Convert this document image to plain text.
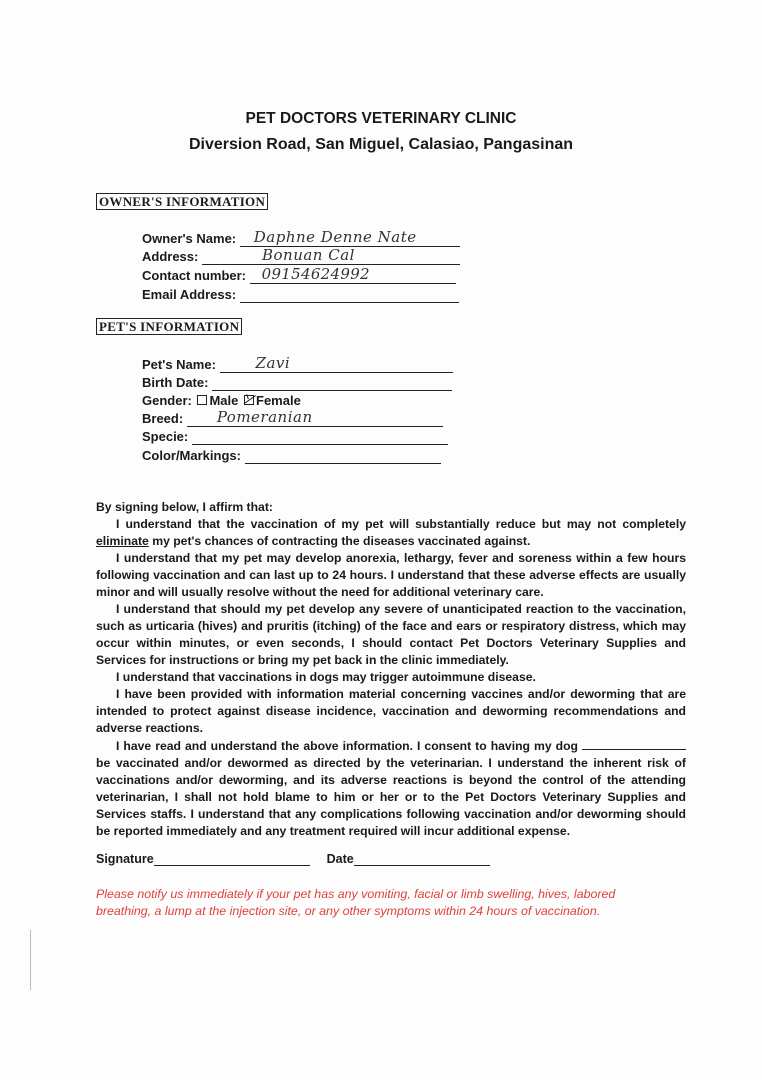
PET DOCTORS VETERINARY CLINIC
Diversion Road, San Miguel, Calasiao, Pangasinan
OWNER'S INFORMATION
Owner's Name: Daphne Denne Nate
Address:	Bonuan Cal
Contact number: 09154624992
Email Address:
PET'S INFORMATION
Pet's Name:	Zavi
Birth Date:
Gender: Male Female
Breed: Pomeranian
Specie:
Color/Markings:

By signing below, I affirm that:

I understand that the vaccination of my pet will substantially reduce but may not completely eliminate my pet's chances of contracting the diseases vaccinated against.

I understand that my pet may develop anorexia, lethargy, fever and soreness within a few hours following vaccination and can last up to 24 hours. I understand that these adverse effects are usually minor and will usually resolve without the need for additional veterinary care.

I understand that should my pet develop any severe of unanticipated reaction to the vaccination, such as urticaria (hives) and pruritis (itching) of the face and ears or respiratory distress, which may occur within minutes, or even seconds, I should contact Pet Doctors Veterinary Supplies and Services for instructions or bring my pet back in the clinic immediately.

I understand that vaccinations in dogs may trigger autoimmune disease.

I have been provided with information material concerning vaccines and/or deworming that are intended to protect against disease incidence, vaccination and deworming recommendations and adverse reactions.

I have read and understand the above information. I consent to having my dog  be vaccinated and/or dewormed as directed by the veterinarian. I understand the inherent risk of vaccinations and/or deworming, and its adverse reactions is beyond the control of the attending veterinarian, I shall not hold blame to him or her or to the Pet Doctors Veterinary Supplies and Services staffs. I understand that any complications following vaccination and/or deworming should be reported immediately and any treatment required will incur additional expense.

Signature	Date
Please notify us immediately if your pet has any vomiting, facial or limb swelling, hives, labored breathing, a lump at the injection site, or any other symptoms within 24 hours of vaccination.
